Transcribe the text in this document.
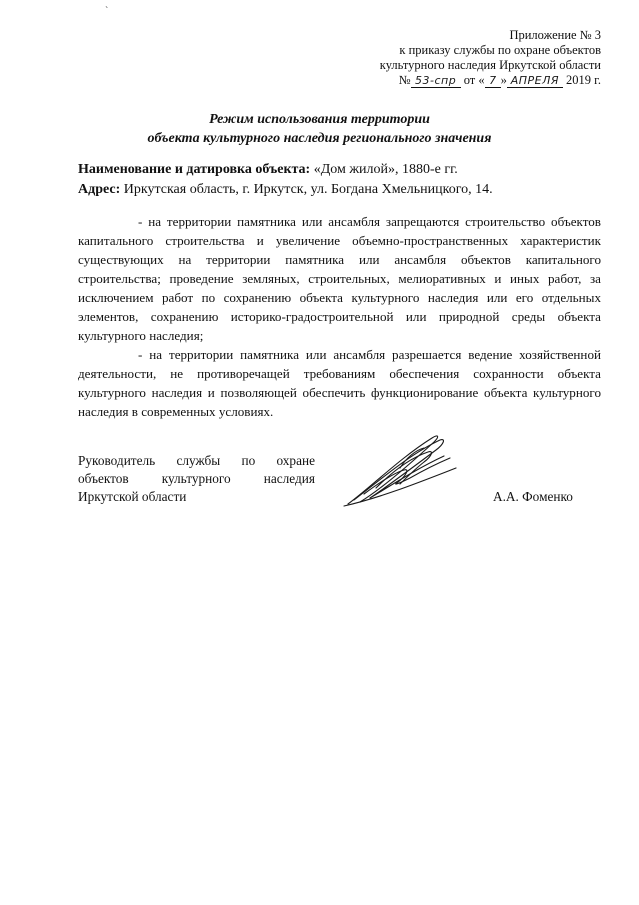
`
Приложение № 3
к приказу службы по охране объектов
культурного наследия Иркутской области
№ 53-спр от « 7 » АПРЕЛЯ 2019 г.
Режим использования территории
объекта культурного наследия регионального значения
Наименование и датировка объекта: «Дом жилой», 1880-е гг.
Адрес: Иркутская область, г. Иркутск, ул. Богдана Хмельницкого, 14.

- на территории памятника или ансамбля запрещаются строительство объектов капитального строительства и увеличение объемно-пространственных характеристик существующих на территории памятника или ансамбля объектов капитального строительства; проведение земляных, строительных, мелиоративных и иных работ, за исключением работ по сохранению объекта культурного наследия или его отдельных элементов, сохранению историко-градостроительной или природной среды объекта культурного наследия;

- на территории памятника или ансамбля разрешается ведение хозяйственной деятельности, не противоречащей требованиям обеспечения сохранности объекта культурного наследия и позволяющей обеспечить функционирование объекта культурного наследия в современных условиях.

Руководитель службы по охране объектов культурного наследия
Иркутской области	А.А. Фоменко
